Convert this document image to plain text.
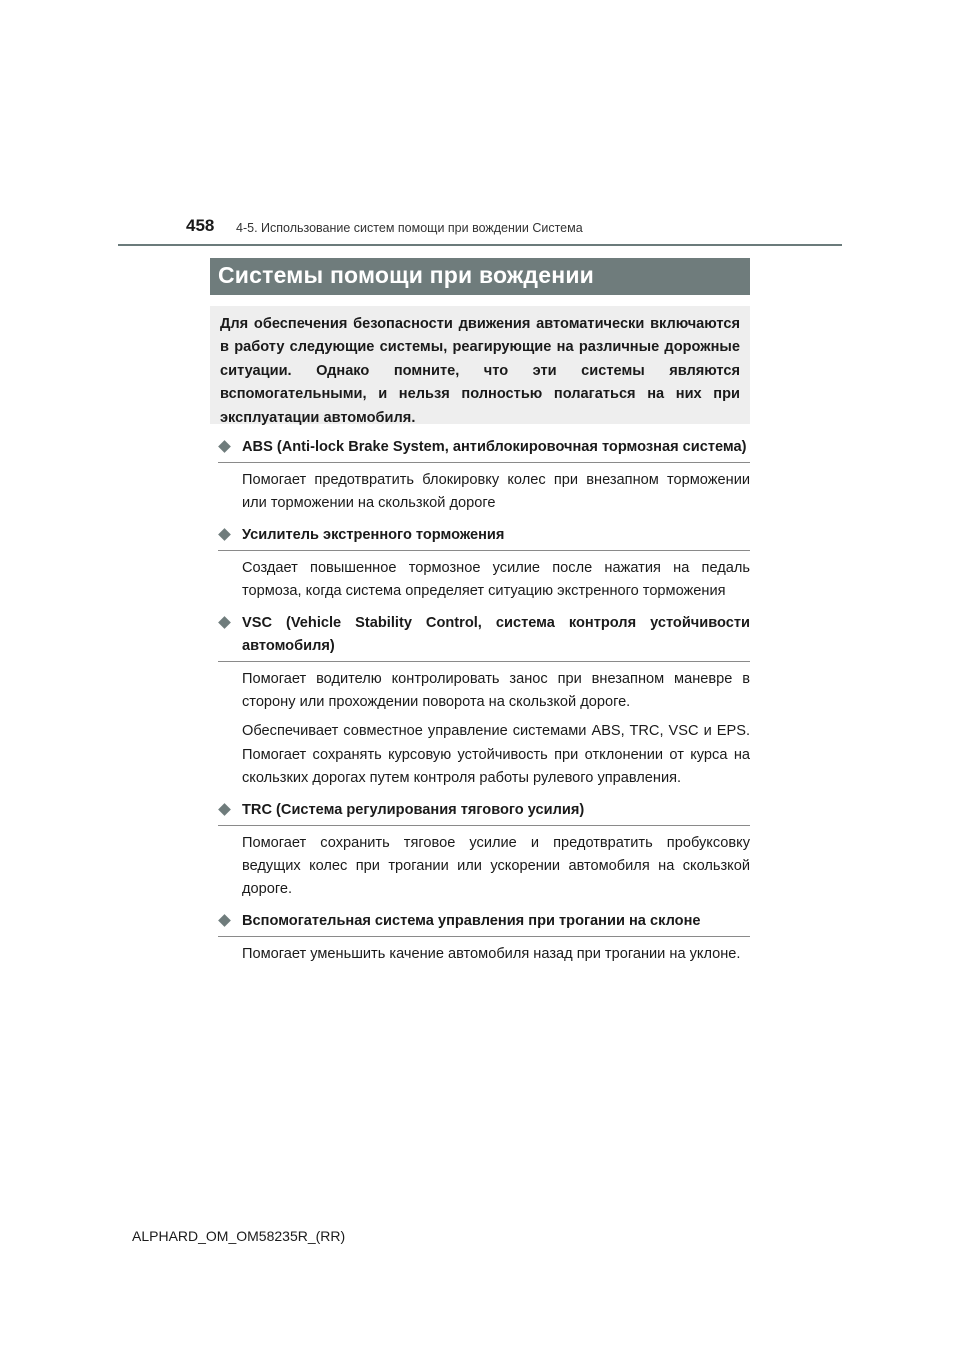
458 4-5. Использование систем помощи при вождении Система
Системы помощи при вождении

Для обеспечения безопасности движения автоматически включаются в работу следующие системы, реагирующие на различные дорожные ситуации. Однако помните, что эти системы являются вспомогательными, и нельзя полностью полагаться на них при эксплуатации автомобиля.

ABS (Anti-lock Brake System, антиблокировочная тормозная система)

Помогает предотвратить блокировку колес при внезапном торможении или торможении на скользкой дороге

Усилитель экстренного торможения

Создает повышенное тормозное усилие после нажатия на педаль тормоза, когда система определяет ситуацию экстренного торможения

VSC (Vehicle Stability Control, система контроля устойчивости автомобиля)

Помогает водителю контролировать занос при внезапном маневре в сторону или прохождении поворота на скользкой дороге.

Обеспечивает совместное управление системами ABS, TRC, VSC и EPS. Помогает сохранять курсовую устойчивость при отклонении от курса на скользких дорогах путем контроля работы рулевого управления.

TRC (Система регулирования тягового усилия)

Помогает сохранить тяговое усилие и предотвратить пробуксовку ведущих колес при трогании или ускорении автомобиля на скользкой дороге.

Вспомогательная система управления при трогании на склоне

Помогает уменьшить качение автомобиля назад при трогании на уклоне.

ALPHARD_OM_OM58235R_(RR)
